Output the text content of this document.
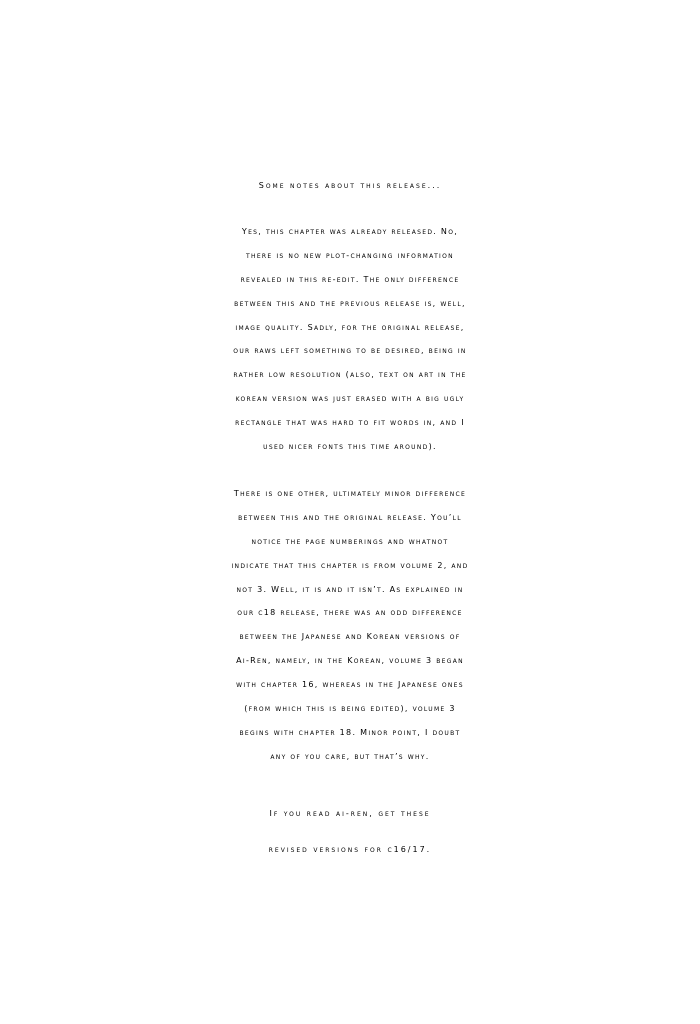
Some notes about this release...
Yes, this chapter was already released. No,
there is no new plot-changing information
revealed in this re-edit. The only difference
between this and the previous release is, well,
image quality. Sadly, for the original release,
our raws left something to be desired, being in
rather low resolution (also, text on art in the
korean version was just erased with a big ugly
rectangle that was hard to fit words in, and I
used nicer fonts this time around).
There is one other, ultimately minor difference
between this and the original release. You’ll
notice the page numberings and whatnot
indicate that this chapter is from volume 2, and
not 3. Well, it is and it isn’t. As explained in
our c18 release, there was an odd difference
between the Japanese and Korean versions of
Ai-Ren, namely, in the Korean, volume 3 began
with chapter 16, whereas in the Japanese ones
(from which this is being edited), volume 3
begins with chapter 18. Minor point, I doubt
any of you care, but that’s why.
If you read ai-ren, get these
revised versions for c16/17.
